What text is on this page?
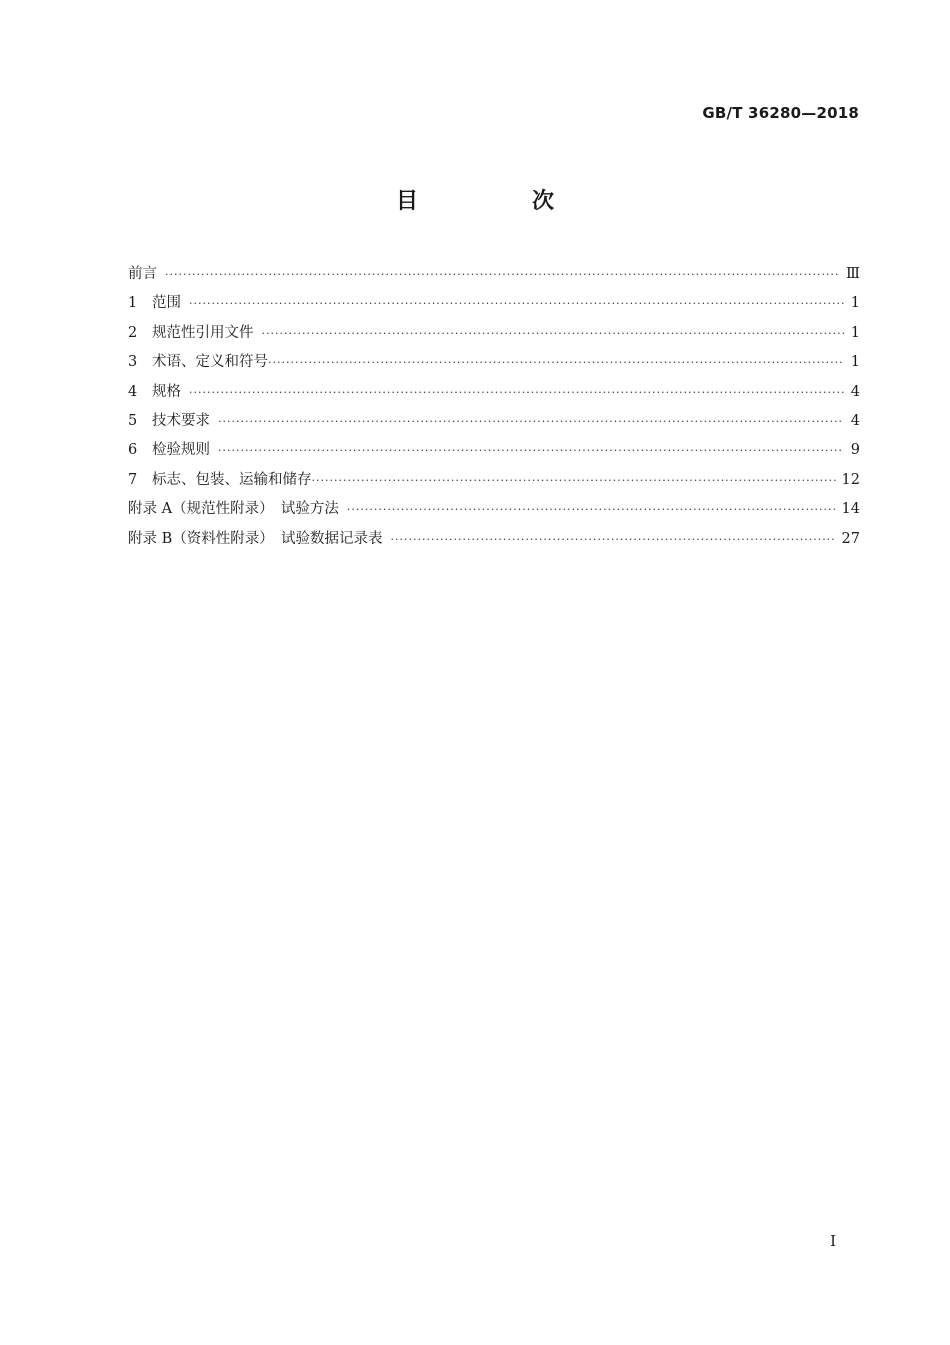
GB/T 36280—2018
目　次
前言 ·····	Ⅲ
1	范围 ·····	1
2	规范性引用文件 ·····	1
3	术语、定义和符号 ·····	1
4	规格 ·····	4
5	技术要求 ·····	4
6	检验规则 ·····	9
7	标志、包装、运输和储存 ·····	12
附录 A（规范性附录）　试验方法 ·····	14
附录 B（资料性附录）　试验数据记录表 ·····	27
Ⅰ
